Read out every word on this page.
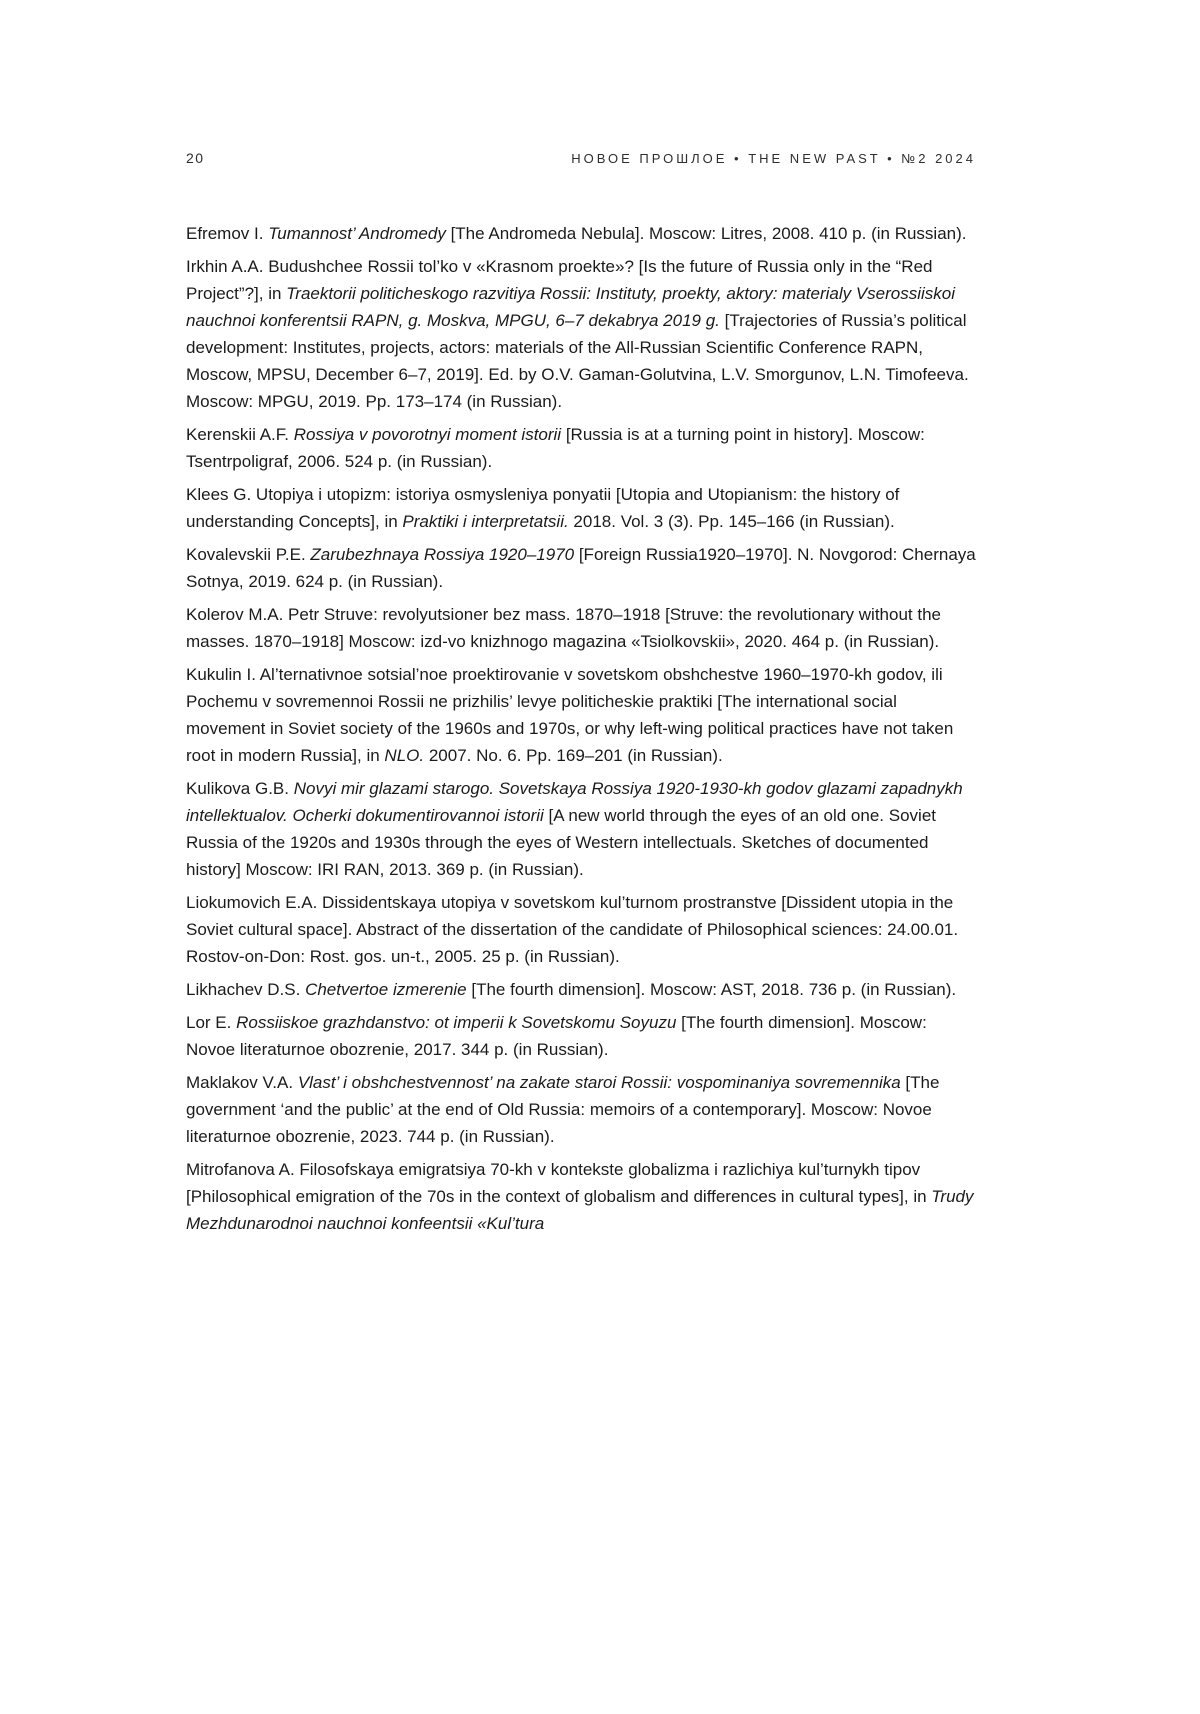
20	НОВОЕ ПРОШЛОЕ • THE NEW PAST • №2 2024

Efremov I. Tumannost’ Andromedy [The Andromeda Nebula]. Moscow: Litres, 2008. 410 p. (in Russian).

Irkhin A.A. Budushchee Rossii tol’ko v «Krasnom proekte»? [Is the future of Russia only in the “Red Project”?], in Traektorii politicheskogo razvitiya Rossii: Instituty, proekty, aktory: materialy Vserossiiskoi nauchnoi konferentsii RAPN, g. Moskva, MPGU, 6–7 dekabrya 2019 g. [Trajectories of Russia’s political development: Institutes, projects, actors: materials of the All-Russian Scientific Conference RAPN, Moscow, MPSU, December 6–7, 2019]. Ed. by O.V. Gaman-Golutvina, L.V. Smorgunov, L.N. Timofeeva. Moscow: MPGU, 2019. Pp. 173–174 (in Russian).

Kerenskii A.F. Rossiya v povorotnyi moment istorii [Russia is at a turning point in history]. Moscow: Tsentrpoligraf, 2006. 524 p. (in Russian).

Klees G. Utopiya i utopizm: istoriya osmysleniya ponyatii [Utopia and Utopianism: the history of understanding Concepts], in Praktiki i interpretatsii. 2018. Vol. 3 (3). Pp. 145–166 (in Russian).

Kovalevskii P.E. Zarubezhnaya Rossiya 1920–1970 [Foreign Russia1920–1970]. N. Novgorod: Chernaya Sotnya, 2019. 624 p. (in Russian).

Kolerov M.A. Petr Struve: revolyutsioner bez mass. 1870–1918 [Struve: the revolutionary without the masses. 1870–1918] Moscow: izd-vo knizhnogo magazina «Tsiolkovskii», 2020. 464 p. (in Russian).

Kukulin I. Al’ternativnoe sotsial’noe proektirovanie v sovetskom obshchestve 1960–1970-kh godov, ili Pochemu v sovremennoi Rossii ne prizhilis’ levye politicheskie praktiki [The international social movement in Soviet society of the 1960s and 1970s, or why left-wing political practices have not taken root in modern Russia], in NLO. 2007. No. 6. Pp. 169–201 (in Russian).

Kulikova G.B. Novyi mir glazami starogo. Sovetskaya Rossiya 1920-1930-kh godov glazami zapadnykh intellektualov. Ocherki dokumentirovannoi istorii [A new world through the eyes of an old one. Soviet Russia of the 1920s and 1930s through the eyes of Western intellectuals. Sketches of documented history] Moscow: IRI RAN, 2013. 369 p. (in Russian).

Liokumovich E.A. Dissidentskaya utopiya v sovetskom kul’turnom prostranstve [Dissident utopia in the Soviet cultural space]. Abstract of the dissertation of the candidate of Philosophical sciences: 24.00.01. Rostov-on-Don: Rost. gos. un-t., 2005. 25 p. (in Russian).

Likhachev D.S. Chetvertoe izmerenie [The fourth dimension]. Moscow: AST, 2018. 736 p. (in Russian).

Lor E. Rossiiskoe grazhdanstvo: ot imperii k Sovetskomu Soyuzu [The fourth dimension]. Moscow: Novoe literaturnoe obozrenie, 2017. 344 p. (in Russian).

Maklakov V.A. Vlast’ i obshchestvennost’ na zakate staroi Rossii: vospominaniya sovremennika [The government ‘and the public’ at the end of Old Russia: memoirs of a contemporary]. Moscow: Novoe literaturnoe obozrenie, 2023. 744 p. (in Russian).

Mitrofanova A. Filosofskaya emigratsiya 70-kh v kontekste globalizma i razlichiya kul’turnykh tipov [Philosophical emigration of the 70s in the context of globalism and differences in cultural types], in Trudy Mezhdunarodnoi nauchnoi konfeentsii «Kul’tura
